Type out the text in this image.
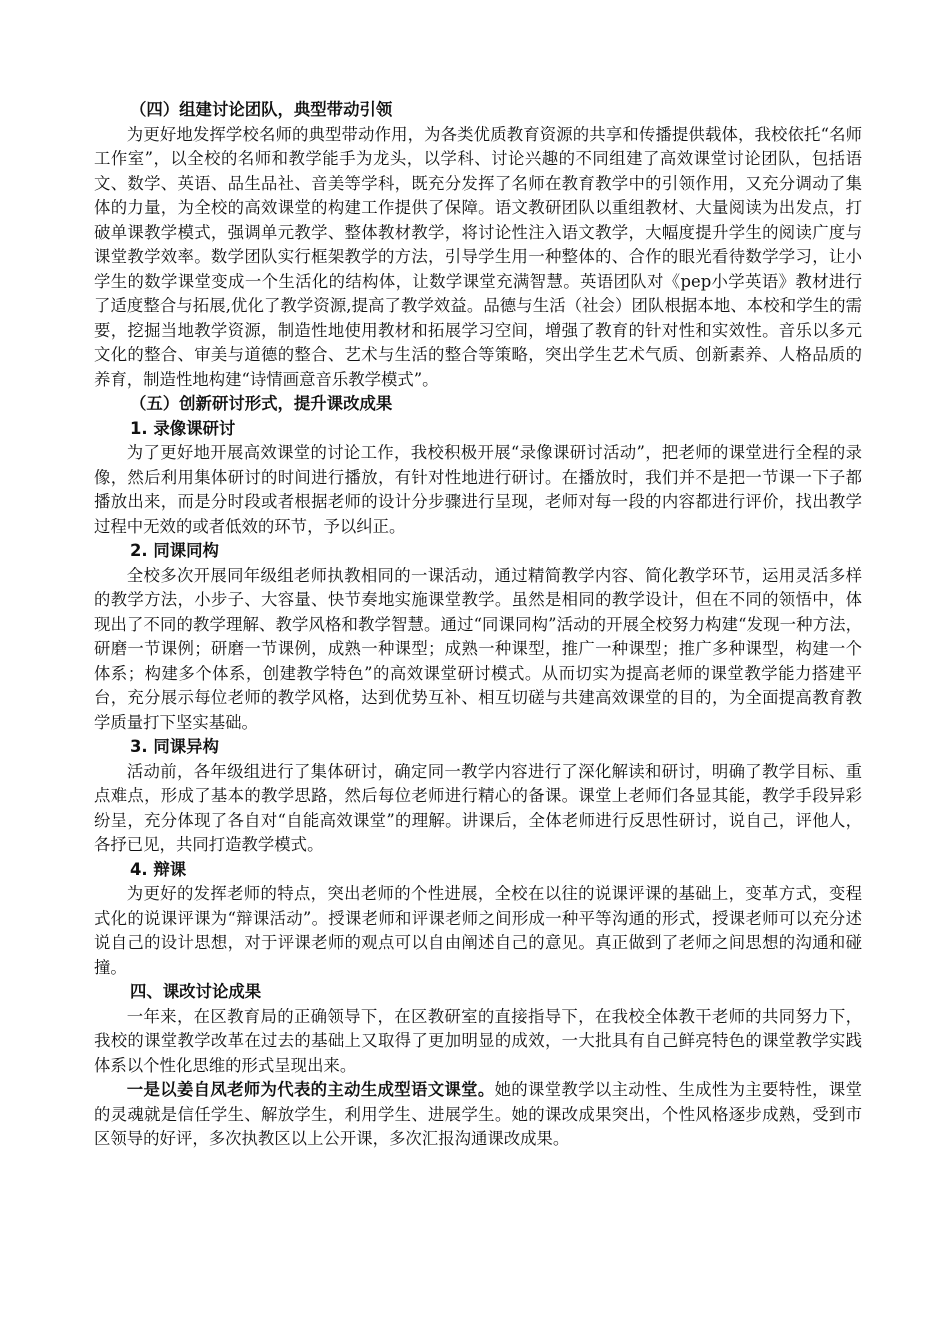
（四）组建讨论团队，典型带动引领

为更好地发挥学校名师的典型带动作用，为各类优质教育资源的共享和传播提供载体，我校依托“名师工作室”，以全校的名师和教学能手为龙头，以学科、讨论兴趣的不同组建了高效课堂讨论团队，包括语文、数学、英语、品生品社、音美等学科，既充分发挥了名师在教育教学中的引领作用，又充分调动了集体的力量，为全校的高效课堂的构建工作提供了保障。语文教研团队以重组教材、大量阅读为出发点，打破单课教学模式，强调单元教学、整体教材教学，将讨论性注入语文教学，大幅度提升学生的阅读广度与课堂教学效率。数学团队实行框架教学的方法，引导学生用一种整体的、合作的眼光看待数学学习，让小学生的数学课堂变成一个生活化的结构体，让数学课堂充满智慧。英语团队对《pep小学英语》教材进行了适度整合与拓展,优化了教学资源,提高了教学效益。品德与生活（社会）团队根据本地、本校和学生的需要，挖掘当地教学资源，制造性地使用教材和拓展学习空间，增强了教育的针对性和实效性。音乐以多元文化的整合、审美与道德的整合、艺术与生活的整合等策略，突出学生艺术气质、创新素养、人格品质的养育，制造性地构建“诗情画意音乐教学模式”。

（五）创新研讨形式，提升课改成果

1. 录像课研讨

为了更好地开展高效课堂的讨论工作，我校积极开展“录像课研讨活动”，把老师的课堂进行全程的录像，然后利用集体研讨的时间进行播放，有针对性地进行研讨。在播放时，我们并不是把一节课一下子都播放出来，而是分时段或者根据老师的设计分步骤进行呈现，老师对每一段的内容都进行评价，找出教学过程中无效的或者低效的环节，予以纠正。

2. 同课同构

全校多次开展同年级组老师执教相同的一课活动，通过精简教学内容、简化教学环节，运用灵活多样的教学方法，小步子、大容量、快节奏地实施课堂教学。虽然是相同的教学设计，但在不同的领悟中，体现出了不同的教学理解、教学风格和教学智慧。通过“同课同构”活动的开展全校努力构建“发现一种方法，研磨一节课例；研磨一节课例，成熟一种课型；成熟一种课型，推广一种课型；推广多种课型，构建一个体系；构建多个体系，创建教学特色”的高效课堂研讨模式。从而切实为提高老师的课堂教学能力搭建平台，充分展示每位老师的教学风格，达到优势互补、相互切磋与共建高效课堂的目的，为全面提高教育教学质量打下坚实基础。

3. 同课异构

活动前，各年级组进行了集体研讨，确定同一教学内容进行了深化解读和研讨，明确了教学目标、重点难点，形成了基本的教学思路，然后每位老师进行精心的备课。课堂上老师们各显其能，教学手段异彩纷呈，充分体现了各自对“自能高效课堂”的理解。讲课后，全体老师进行反思性研讨，说自己，评他人，各抒已见，共同打造教学模式。

4. 辩课

为更好的发挥老师的特点，突出老师的个性进展，全校在以往的说课评课的基础上，变革方式，变程式化的说课评课为“辩课活动”。授课老师和评课老师之间形成一种平等沟通的形式，授课老师可以充分述说自己的设计思想，对于评课老师的观点可以自由阐述自己的意见。真正做到了老师之间思想的沟通和碰撞。

四、课改讨论成果

一年来，在区教育局的正确领导下，在区教研室的直接指导下，在我校全体教干老师的共同努力下，我校的课堂教学改革在过去的基础上又取得了更加明显的成效，一大批具有自己鲜亮特色的课堂教学实践体系以个性化思维的形式呈现出来。

一是以姜自凤老师为代表的主动生成型语文课堂。她的课堂教学以主动性、生成性为主要特性，课堂的灵魂就是信任学生、解放学生，利用学生、进展学生。她的课改成果突出，个性风格逐步成熟，受到市区领导的好评，多次执教区以上公开课，多次汇报沟通课改成果。
